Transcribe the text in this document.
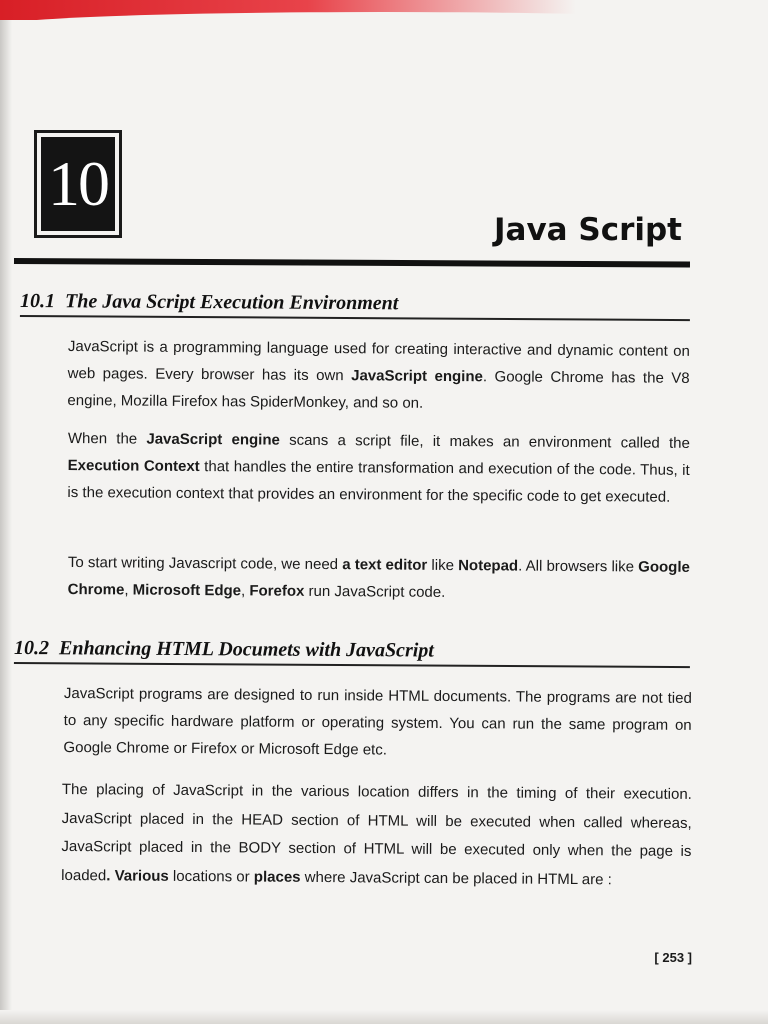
10
Java Script
10.1 The Java Script Execution Environment
JavaScript is a programming language used for creating interactive and dynamic content on web pages. Every browser has its own JavaScript engine. Google Chrome has the V8 engine, Mozilla Firefox has SpiderMonkey, and so on.
When the JavaScript engine scans a script file, it makes an environment called the Execution Context that handles the entire transformation and execution of the code. Thus, it is the execution context that provides an environment for the specific code to get executed.
To start writing Javascript code, we need a text editor like Notepad. All browsers like Google Chrome, Microsoft Edge, Forefox run JavaScript code.
10.2 Enhancing HTML Documets with JavaScript
JavaScript programs are designed to run inside HTML documents. The programs are not tied to any specific hardware platform or operating system. You can run the same program on Google Chrome or Firefox or Microsoft Edge etc.
The placing of JavaScript in the various location differs in the timing of their execution. JavaScript placed in the HEAD section of HTML will be executed when called whereas, JavaScript placed in the BODY section of HTML will be executed only when the page is loaded. Various locations or places where JavaScript can be placed in HTML are :
[ 253 ]
